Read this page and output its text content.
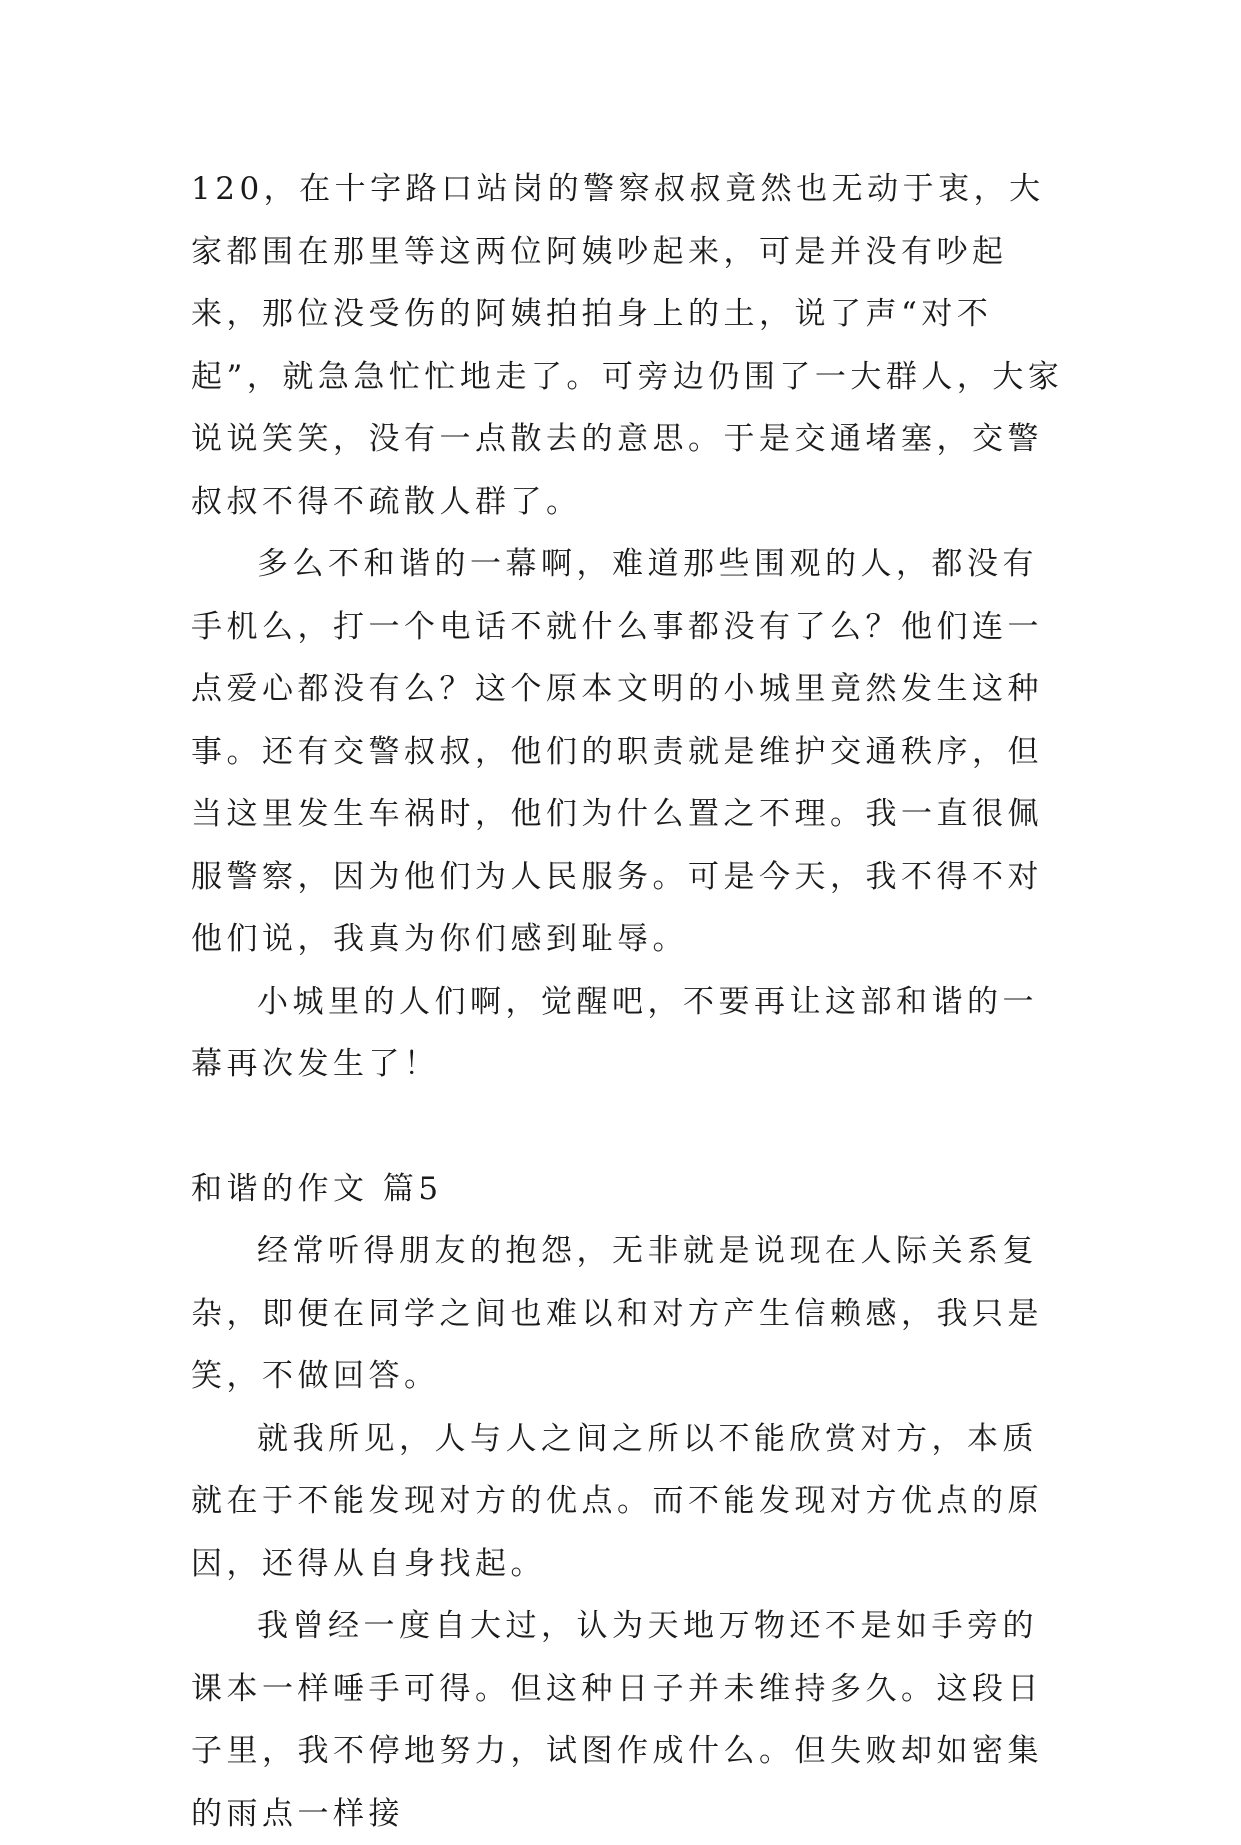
120，在十字路口站岗的警察叔叔竟然也无动于衷，大家都围在那里等这两位阿姨吵起来，可是并没有吵起来，那位没受伤的阿姨拍拍身上的土，说了声“对不起”，就急急忙忙地走了。可旁边仍围了一大群人，大家说说笑笑，没有一点散去的意思。于是交通堵塞，交警叔叔不得不疏散人群了。

多么不和谐的一幕啊，难道那些围观的人，都没有手机么，打一个电话不就什么事都没有了么？他们连一点爱心都没有么？这个原本文明的小城里竟然发生这种事。还有交警叔叔，他们的职责就是维护交通秩序，但当这里发生车祸时，他们为什么置之不理。我一直很佩服警察，因为他们为人民服务。可是今天，我不得不对他们说，我真为你们感到耻辱。

小城里的人们啊，觉醒吧，不要再让这部和谐的一幕再次发生了！

和谐的作文 篇5

经常听得朋友的抱怨，无非就是说现在人际关系复杂，即便在同学之间也难以和对方产生信赖感，我只是笑，不做回答。

就我所见，人与人之间之所以不能欣赏对方，本质就在于不能发现对方的优点。而不能发现对方优点的原因，还得从自身找起。

我曾经一度自大过，认为天地万物还不是如手旁的课本一样唾手可得。但这种日子并未维持多久。这段日子里，我不停地努力，试图作成什么。但失败却如密集的雨点一样接
